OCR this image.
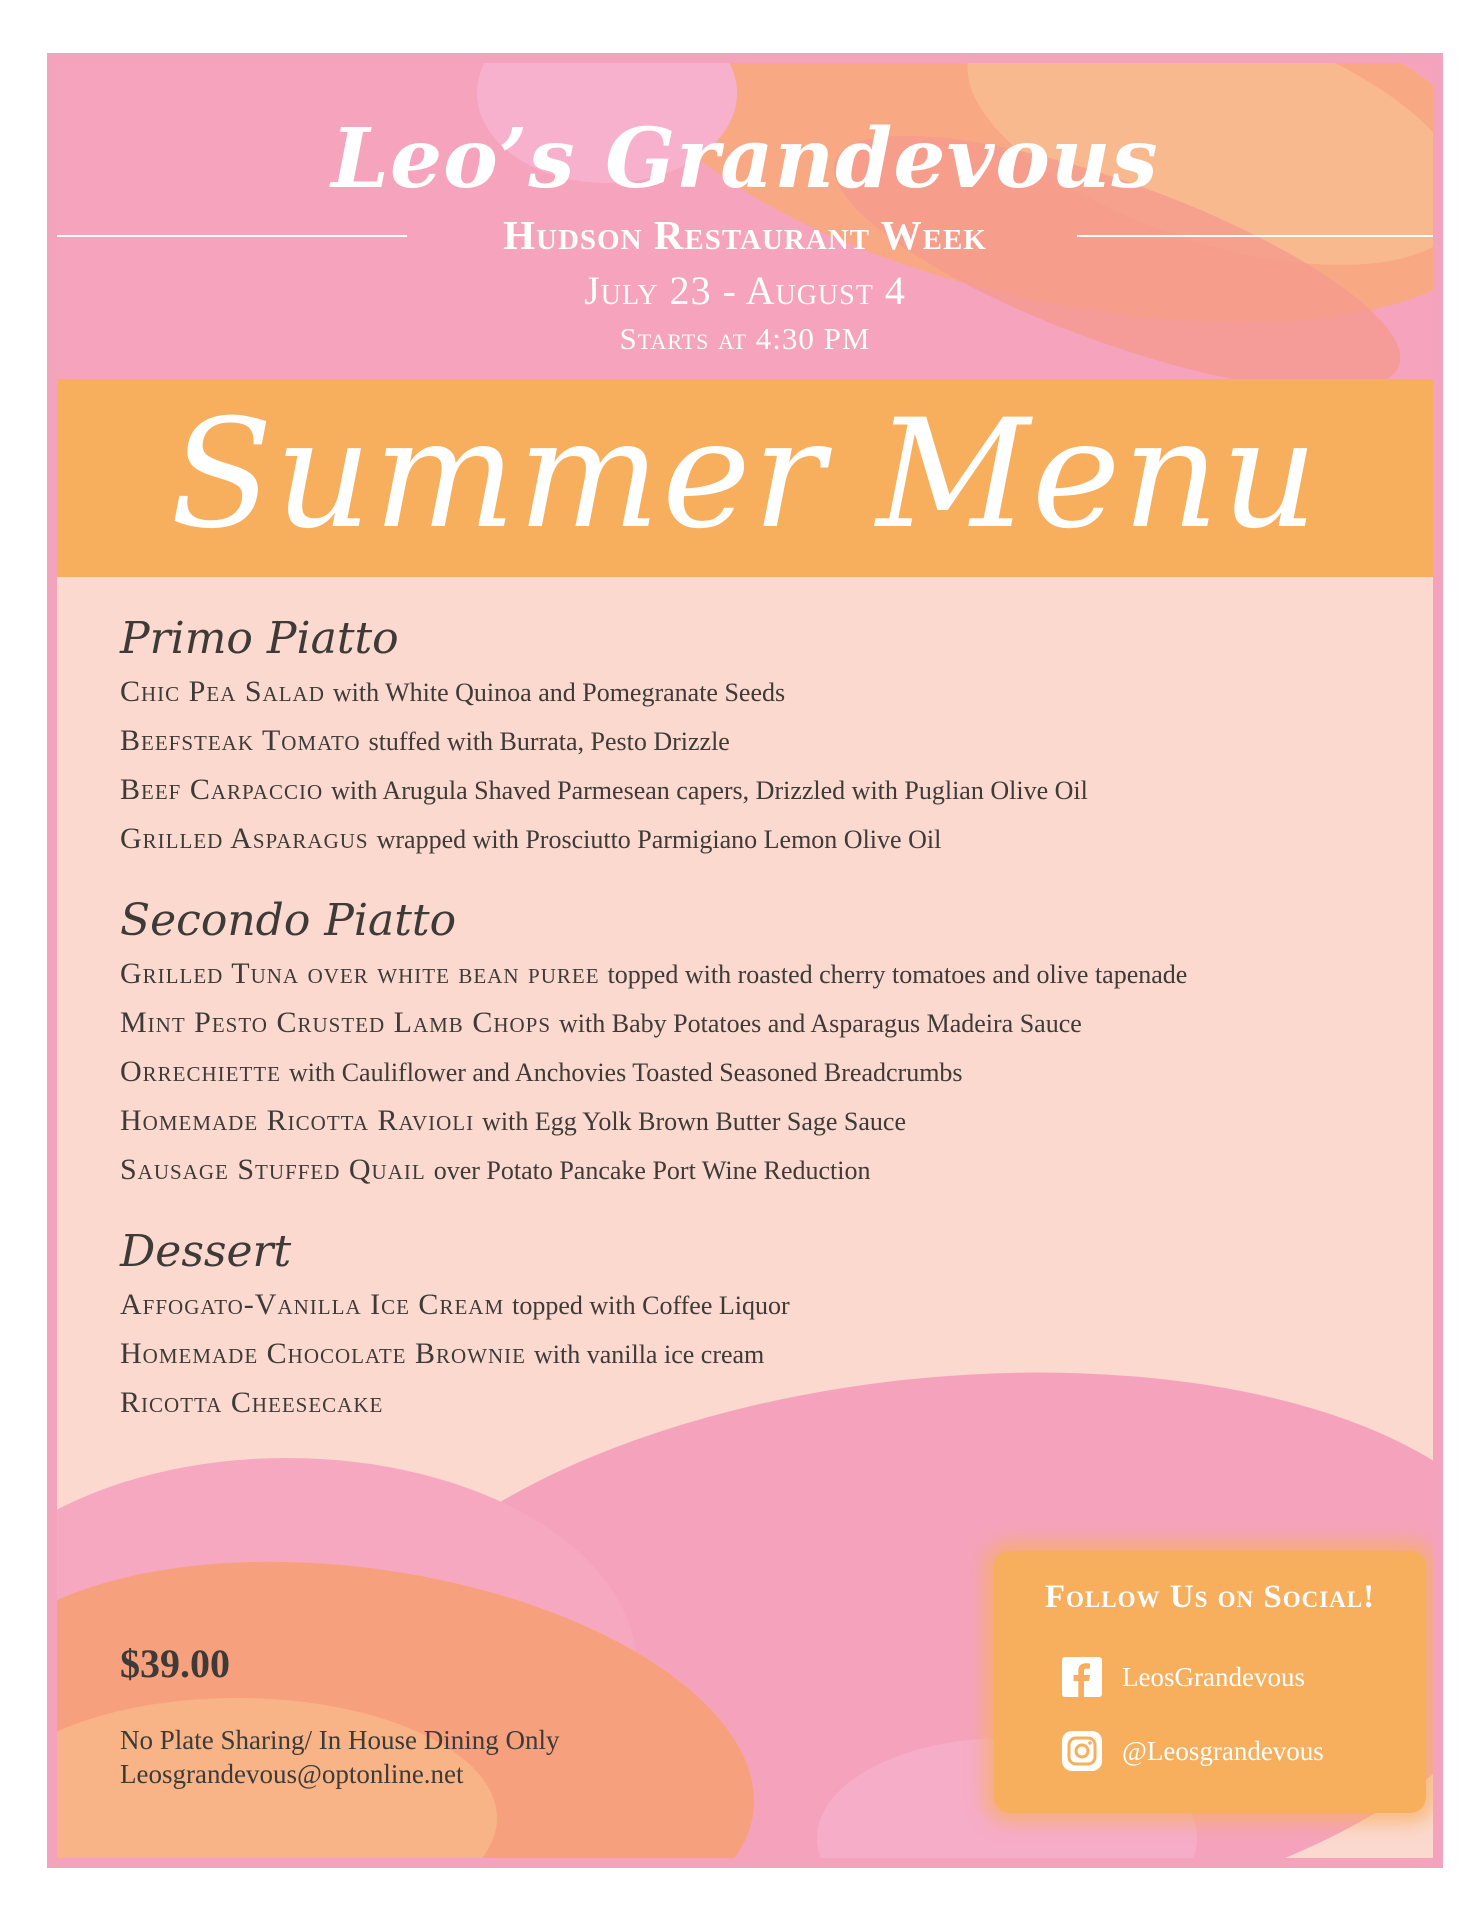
Leo’s Grandevous
Hudson Restaurant Week
July 23 - August 4
Starts at 4:30 PM
Summer Menu
Primo Piatto
Chic Pea Salad with White Quinoa and Pomegranate Seeds
Beefsteak Tomato stuffed with Burrata, Pesto Drizzle
Beef Carpaccio with Arugula Shaved Parmesean capers, Drizzled with Puglian Olive Oil
Grilled Asparagus wrapped with Prosciutto Parmigiano Lemon Olive Oil
Secondo Piatto
Grilled Tuna over white bean puree topped with roasted cherry tomatoes and olive tapenade
Mint Pesto Crusted Lamb Chops with Baby Potatoes and Asparagus Madeira Sauce
Orrechiette with Cauliflower and Anchovies Toasted Seasoned Breadcrumbs
Homemade Ricotta Ravioli with Egg Yolk Brown Butter Sage Sauce
Sausage Stuffed Quail over Potato Pancake Port Wine Reduction
Dessert
Affogato-Vanilla Ice Cream topped with Coffee Liquor
Homemade Chocolate Brownie with vanilla ice cream
Ricotta Cheesecake
$39.00
No Plate Sharing/ In House Dining Only
Leosgrandevous@optonline.net
Follow Us on Social!
LeosGrandevous
@Leosgrandevous
